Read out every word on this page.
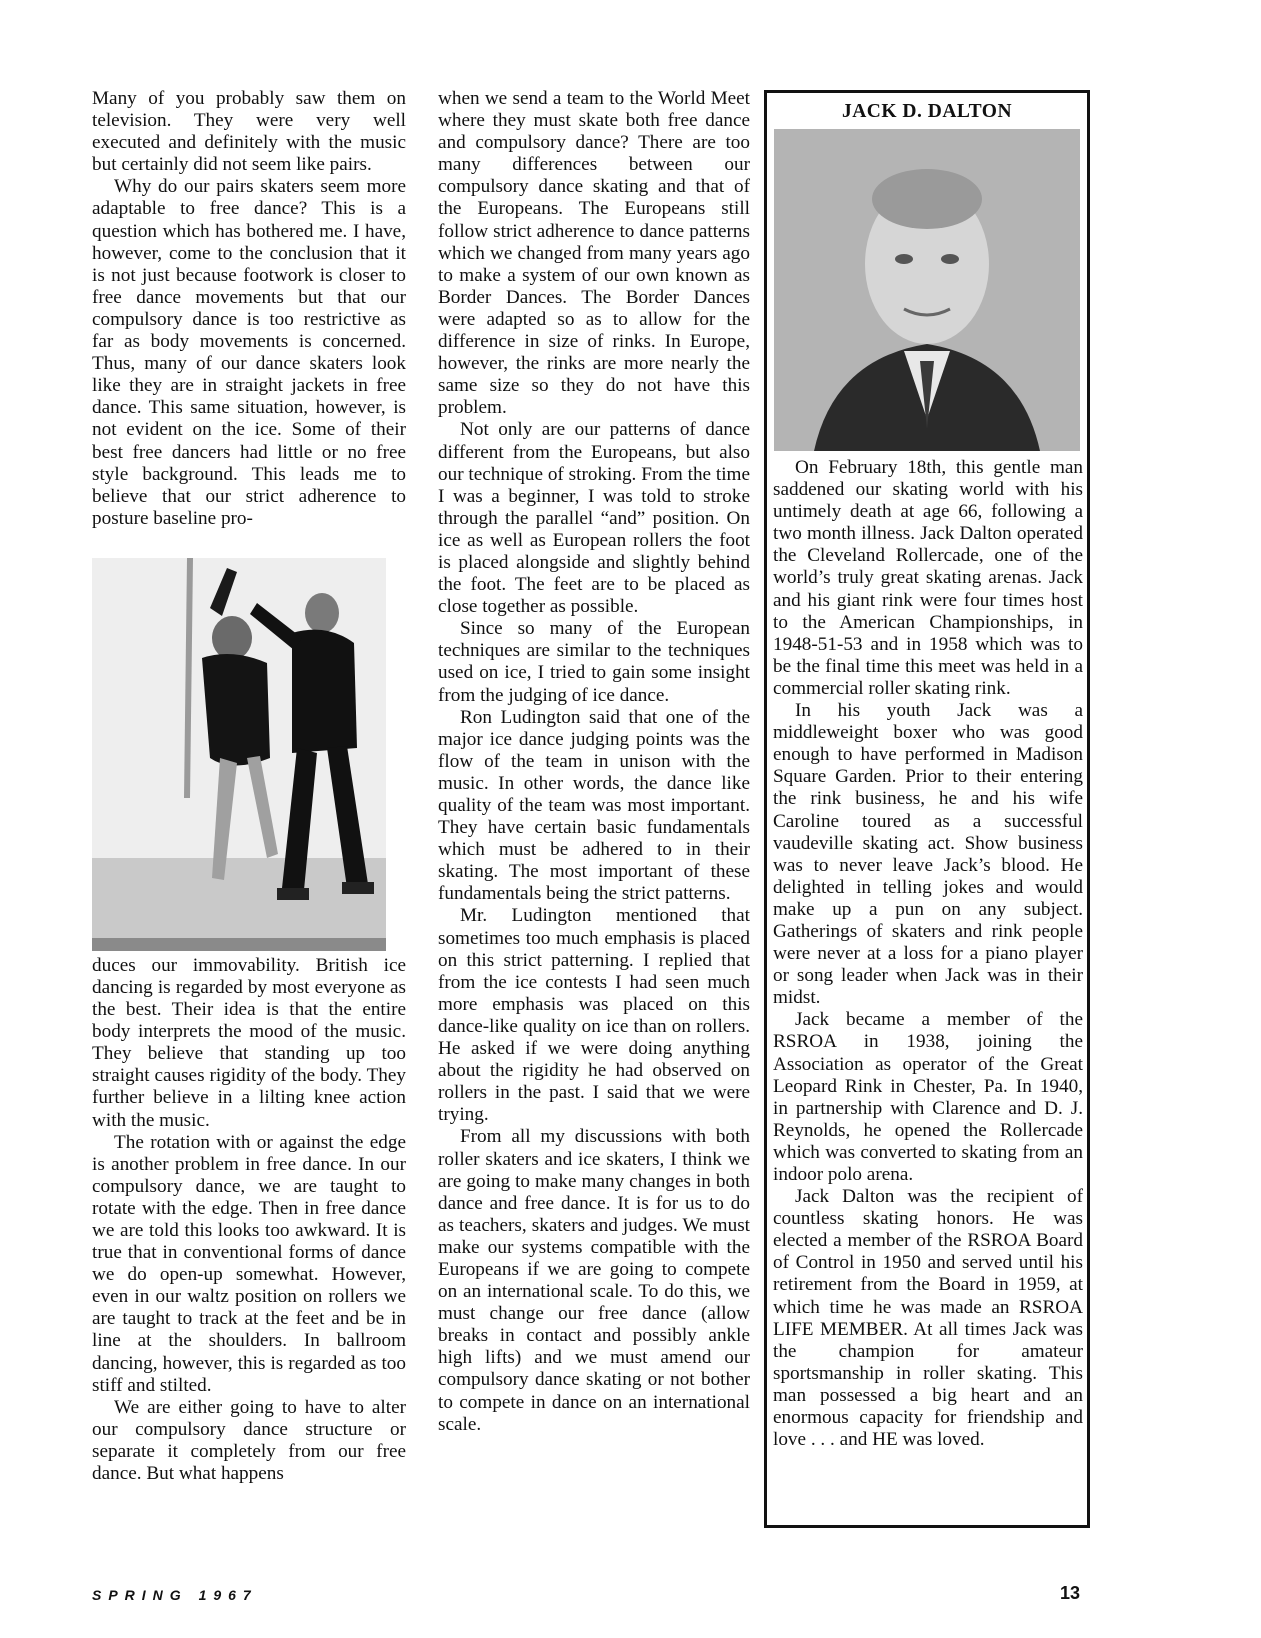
Many of you probably saw them on television. They were very well executed and definitely with the music but certainly did not seem like pairs.

Why do our pairs skaters seem more adaptable to free dance? This is a question which has bothered me. I have, however, come to the conclusion that it is not just because footwork is closer to free dance movements but that our compulsory dance is too restrictive as far as body movements is concerned. Thus, many of our dance skaters look like they are in straight jackets in free dance. This same situation, however, is not evident on the ice. Some of their best free dancers had little or no free style background. This leads me to believe that our strict adherence to posture baseline pro-

duces our immovability. British ice dancing is regarded by most everyone as the best. Their idea is that the entire body interprets the mood of the music. They believe that standing up too straight causes rigidity of the body. They further believe in a lilting knee action with the music.

The rotation with or against the edge is another problem in free dance. In our compulsory dance, we are taught to rotate with the edge. Then in free dance we are told this looks too awkward. It is true that in conventional forms of dance we do open-up somewhat. However, even in our waltz position on rollers we are taught to track at the feet and be in line at the shoulders. In ballroom dancing, however, this is regarded as too stiff and stilted.

We are either going to have to alter our compulsory dance structure or separate it completely from our free dance. But what happens

when we send a team to the World Meet where they must skate both free dance and compulsory dance? There are too many differences between our compulsory dance skating and that of the Europeans. The Europeans still follow strict adherence to dance patterns which we changed from many years ago to make a system of our own known as Border Dances. The Border Dances were adapted so as to allow for the difference in size of rinks. In Europe, however, the rinks are more nearly the same size so they do not have this problem.

Not only are our patterns of dance different from the Europeans, but also our technique of stroking. From the time I was a beginner, I was told to stroke through the parallel “and” position. On ice as well as European rollers the foot is placed alongside and slightly behind the foot. The feet are to be placed as close together as possible.

Since so many of the European techniques are similar to the techniques used on ice, I tried to gain some insight from the judging of ice dance.

Ron Ludington said that one of the major ice dance judging points was the flow of the team in unison with the music. In other words, the dance like quality of the team was most important. They have certain basic fundamentals which must be adhered to in their skating. The most important of these fundamentals being the strict patterns.

Mr. Ludington mentioned that sometimes too much emphasis is placed on this strict patterning. I replied that from the ice contests I had seen much more emphasis was placed on this dance-like quality on ice than on rollers. He asked if we were doing anything about the rigidity he had observed on rollers in the past. I said that we were trying.

From all my discussions with both roller skaters and ice skaters, I think we are going to make many changes in both dance and free dance. It is for us to do as teachers, skaters and judges. We must make our systems compatible with the Europeans if we are going to compete on an international scale. To do this, we must change our free dance (allow breaks in contact and possibly ankle high lifts) and we must amend our compulsory dance skating or not bother to compete in dance on an international scale.

JACK D. DALTON

On February 18th, this gentle man saddened our skating world with his untimely death at age 66, following a two month illness. Jack Dalton operated the Cleveland Rollercade, one of the world’s truly great skating arenas. Jack and his giant rink were four times host to the American Championships, in 1948-51-53 and in 1958 which was to be the final time this meet was held in a commercial roller skating rink.

In his youth Jack was a middleweight boxer who was good enough to have performed in Madison Square Garden. Prior to their entering the rink business, he and his wife Caroline toured as a successful vaudeville skating act. Show business was to never leave Jack’s blood. He delighted in telling jokes and would make up a pun on any subject. Gatherings of skaters and rink people were never at a loss for a piano player or song leader when Jack was in their midst.

Jack became a member of the RSROA in 1938, joining the Association as operator of the Great Leopard Rink in Chester, Pa. In 1940, in partnership with Clarence and D. J. Reynolds, he opened the Rollercade which was converted to skating from an indoor polo arena.

Jack Dalton was the recipient of countless skating honors. He was elected a member of the RSROA Board of Control in 1950 and served until his retirement from the Board in 1959, at which time he was made an RSROA LIFE MEMBER. At all times Jack was the champion for amateur sportsmanship in roller skating. This man possessed a big heart and an enormous capacity for friendship and love . . . and HE was loved.

SPRING 1967	13
